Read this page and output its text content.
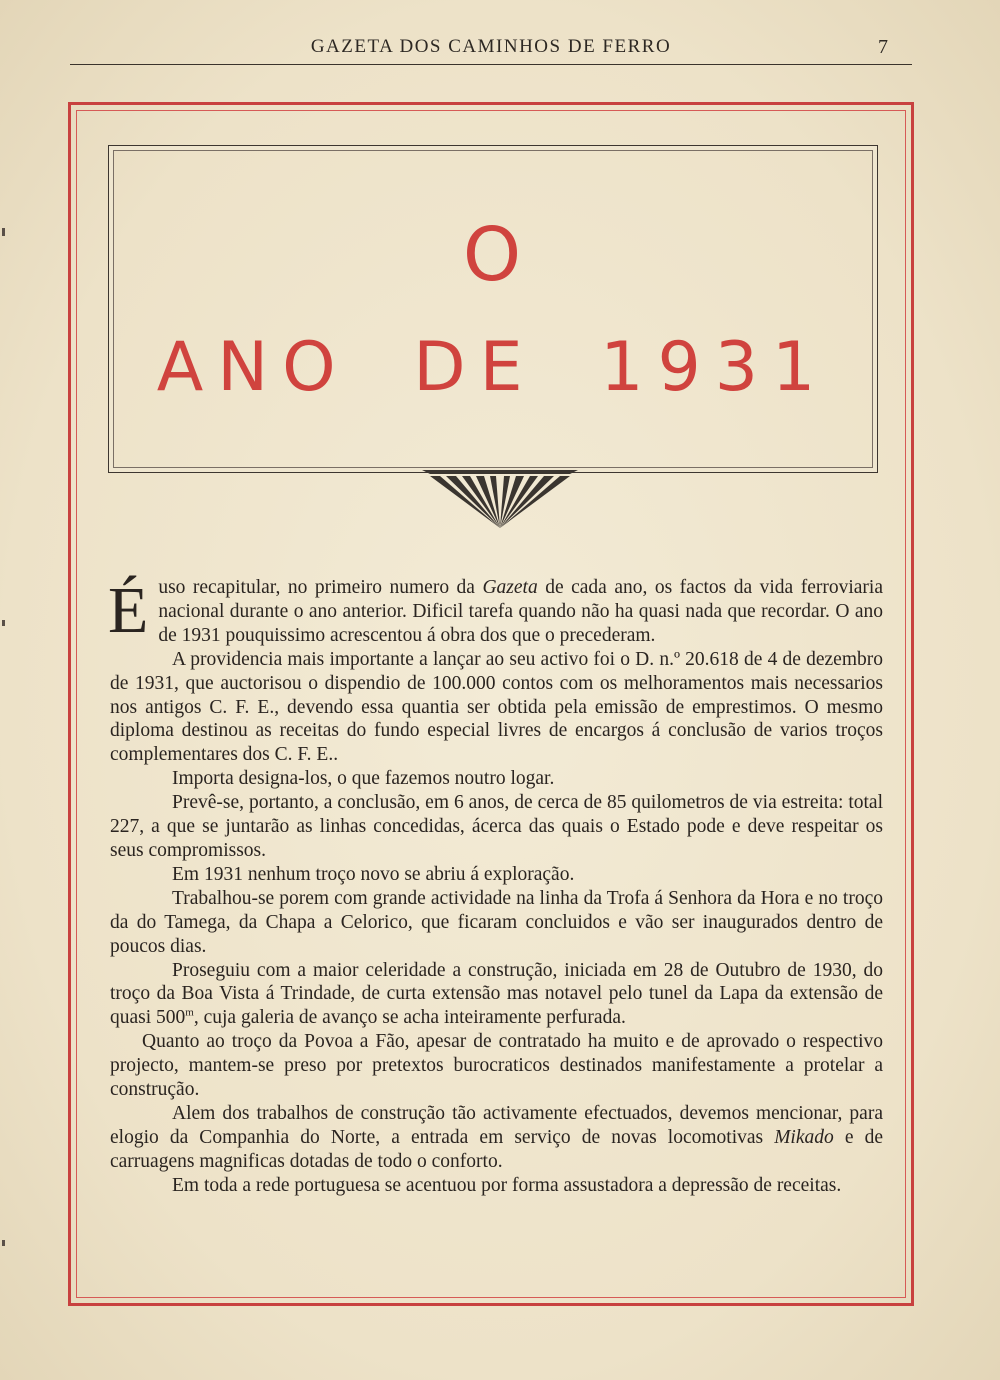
GAZETA DOS CAMINHOS DE FERRO	7
O
ANO DE 1931

Éuso recapitular, no primeiro numero da Gazeta de cada ano, os factos da vida ferroviaria nacional durante o ano anterior. Dificil tarefa quando não ha quasi nada que recordar. O ano de 1931 pouquissimo acrescentou á obra dos que o precederam.

A providencia mais importante a lançar ao seu activo foi o D. n.º 20.618 de 4 de dezembro de 1931, que auctorisou o dispendio de 100.000 contos com os melhoramentos mais necessarios nos antigos C. F. E., devendo essa quantia ser obtida pela emissão de emprestimos. O mesmo diploma destinou as receitas do fundo especial livres de encargos á conclusão de varios troços complementares dos C. F. E..

Importa designa-los, o que fazemos noutro logar.

Prevê-se, portanto, a conclusão, em 6 anos, de cerca de 85 quilometros de via estreita: total 227, a que se juntarão as linhas concedidas, ácerca das quais o Estado pode e deve respeitar os seus compromissos.

Em 1931 nenhum troço novo se abriu á exploração.

Trabalhou-se porem com grande actividade na linha da Trofa á Senhora da Hora e no troço da do Tamega, da Chapa a Celorico, que ficaram concluidos e vão ser inaugurados dentro de poucos dias.

Proseguiu com a maior celeridade a construção, iniciada em 28 de Outubro de 1930, do troço da Boa Vista á Trindade, de curta extensão mas notavel pelo tunel da Lapa da extensão de quasi 500$^m$, cuja galeria de avanço se acha inteiramente perfurada.

Quanto ao troço da Povoa a Fão, apesar de contratado ha muito e de aprovado o respectivo projecto, mantem-se preso por pretextos burocraticos destinados manifestamente a protelar a construção.

Alem dos trabalhos de construção tão activamente efectuados, devemos mencionar, para elogio da Companhia do Norte, a entrada em serviço de novas locomotivas Mikado e de carruagens magnificas dotadas de todo o conforto.

Em toda a rede portuguesa se acentuou por forma assustadora a depressão de receitas.
